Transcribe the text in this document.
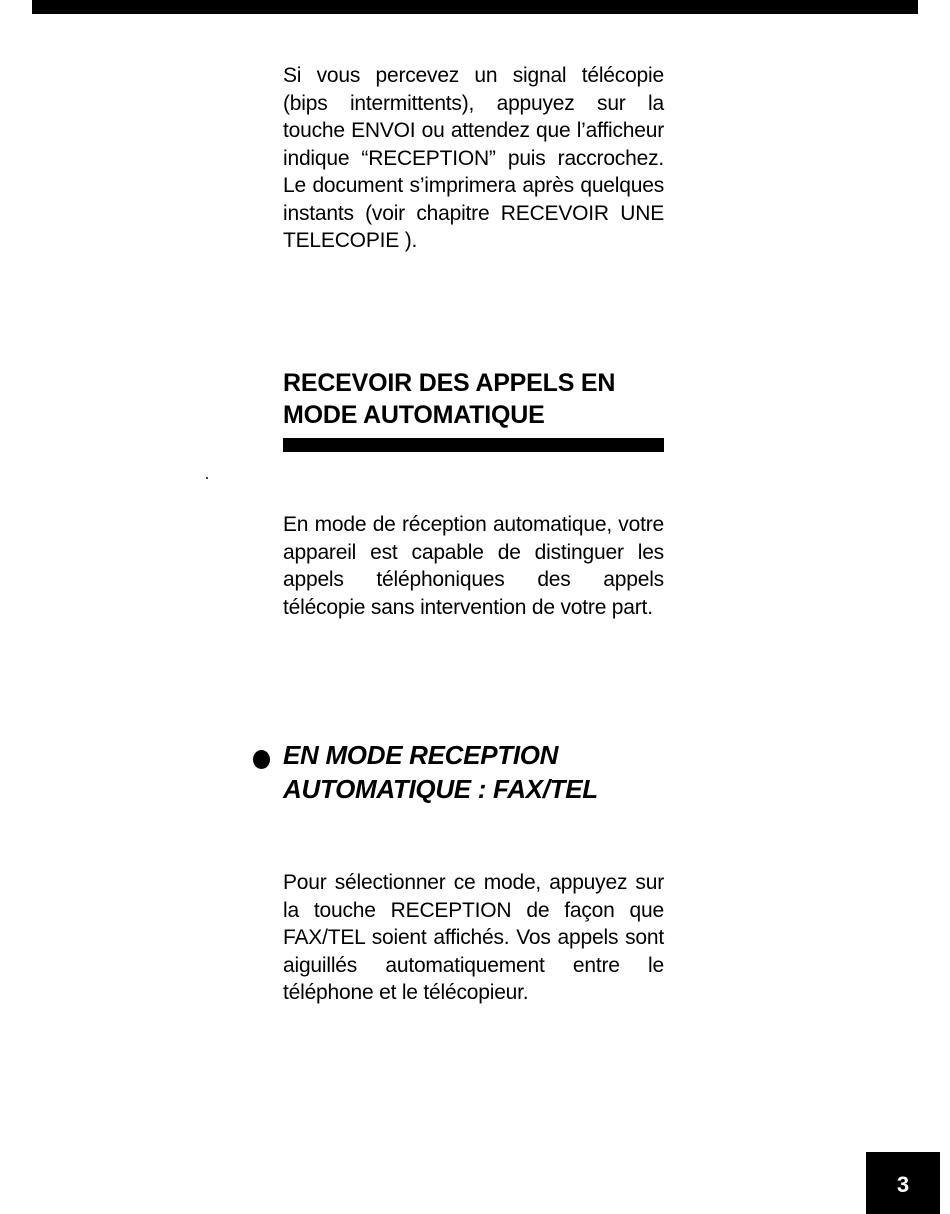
Si vous percevez un signal télécopie (bips intermittents), appuyez sur la touche ENVOI ou attendez que l’afficheur indique “RECEPTION” puis raccrochez. Le document s’imprimera après quelques instants (voir chapitre RECEVOIR UNE TELECOPIE ).

RECEVOIR DES APPELS EN MODE AUTOMATIQUE

En mode de réception automatique, votre appareil est capable de distinguer les appels téléphoniques des appels télécopie sans intervention de votre part.

EN MODE RECEPTION
AUTOMATIQUE : FAX/TEL

Pour sélectionner ce mode, appuyez sur la touche RECEPTION de façon que FAX/TEL soient affichés. Vos appels sont aiguillés automatiquement entre le téléphone et le télécopieur.

3
